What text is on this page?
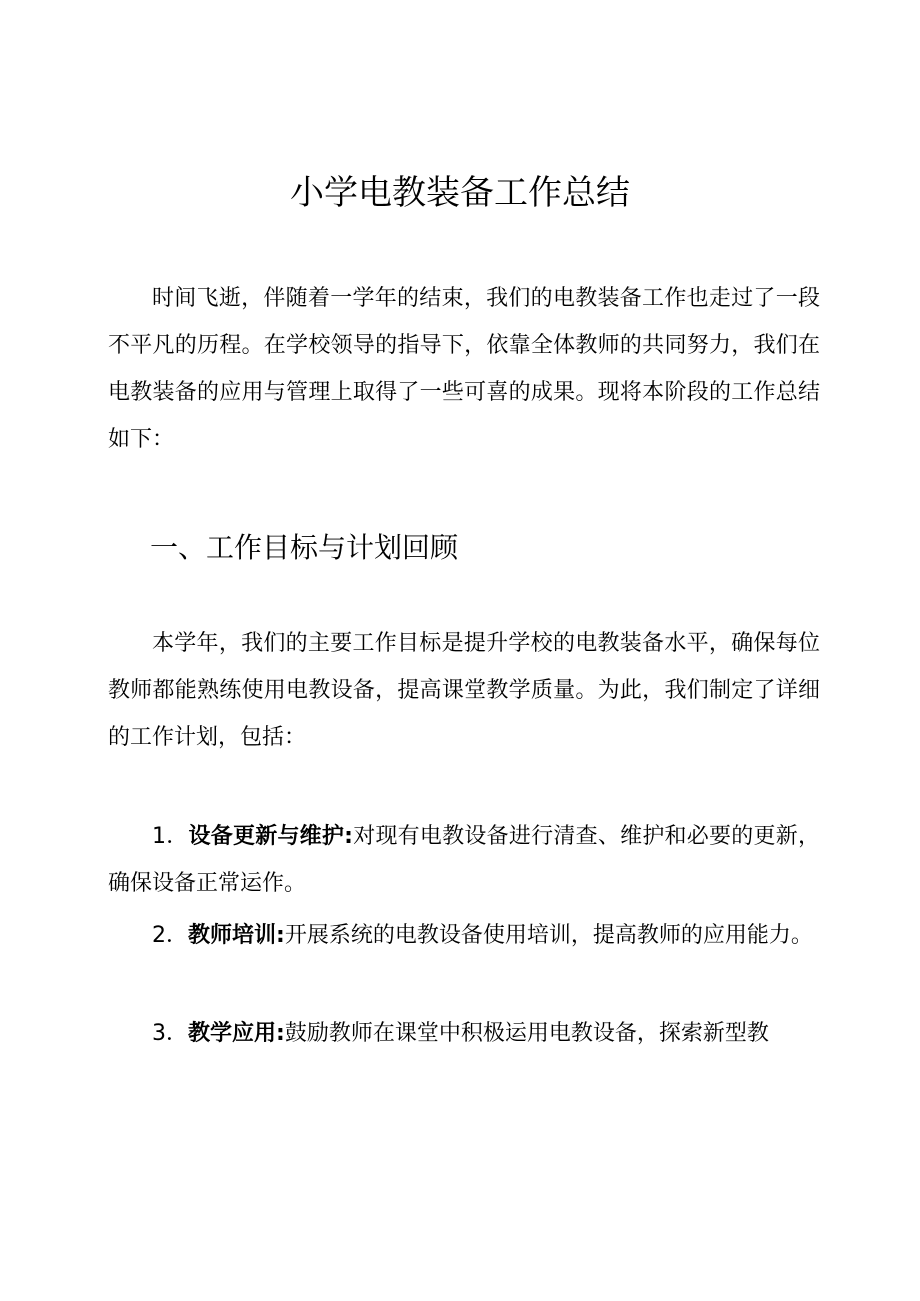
小学电教装备工作总结

时间飞逝，伴随着一学年的结束，我们的电教装备工作也走过了一段不平凡的历程。在学校领导的指导下，依靠全体教师的共同努力，我们在电教装备的应用与管理上取得了一些可喜的成果。现将本阶段的工作总结如下：

一、工作目标与计划回顾

本学年，我们的主要工作目标是提升学校的电教装备水平，确保每位教师都能熟练使用电教设备，提高课堂教学质量。为此，我们制定了详细的工作计划，包括：

1．设备更新与维护:对现有电教设备进行清查、维护和必要的更新，确保设备正常运作。

2．教师培训:开展系统的电教设备使用培训，提高教师的应用能力。

3．教学应用:鼓励教师在课堂中积极运用电教设备，探索新型教
